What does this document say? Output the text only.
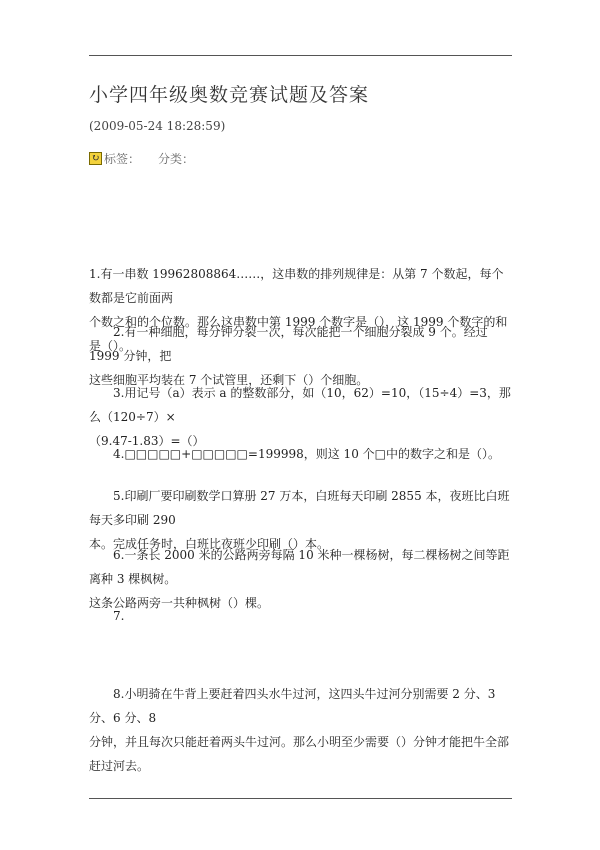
小学四年级奥数竞赛试题及答案
(2009-05-24 18:28:59)
↻ 标签： 分类：
1.有一串数 19962808864……，这串数的排列规律是：从第 7 个数起，每个数都是它前面两
个数之和的个位数。那么这串数中第 1999 个数字是（），这 1999 个数字的和是（）。
2.有一种细胞，每分钟分裂一次，每次能把一个细胞分裂成 9 个。经过 1999 分钟，把
这些细胞平均装在 7 个试管里，还剩下（）个细胞。
3.用记号（a）表示 a 的整数部分，如（10，62）=10，（15÷4）=3，那么（120÷7）×
（9.47-1.83）=（）
4.□□□□□+□□□□□=199998，则这 10 个□中的数字之和是（）。
5.印刷厂要印刷数学口算册 27 万本，白班每天印刷 2855 本，夜班比白班每天多印刷 290
本。完成任务时，白班比夜班少印刷（）本。
6.一条长 2000 米的公路两旁每隔 10 米种一棵杨树，每二棵杨树之间等距离种 3 棵枫树。
这条公路两旁一共种枫树（）棵。
7.
8.小明骑在牛背上要赶着四头水牛过河，这四头牛过河分别需要 2 分、3 分、6 分、8
分钟，并且每次只能赶着两头牛过河。那么小明至少需要（）分钟才能把牛全部赶过河去。
